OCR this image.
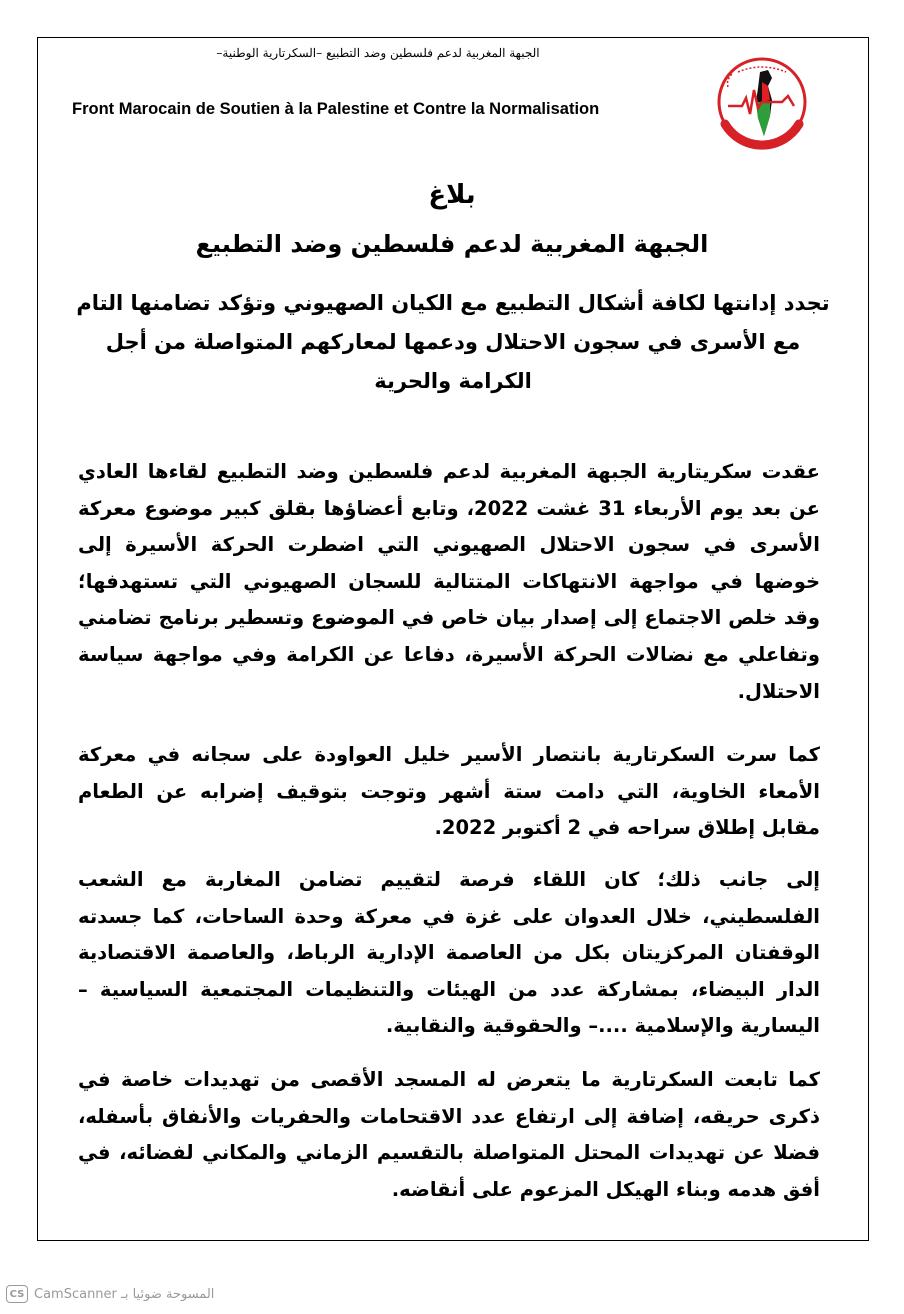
الجبهة المغربية لدعم فلسطين وضد التطبيع –السكرتارية الوطنية–
Front Marocain de Soutien à la Palestine et Contre la Normalisation
بلاغ
الجبهة المغربية لدعم فلسطين وضد التطبيع
تجدد إدانتها لكافة أشكال التطبيع مع الكيان الصهيوني وتؤكد تضامنها التام مع الأسرى في سجون الاحتلال ودعمها لمعاركهم المتواصلة من أجل الكرامة والحرية
عقدت سكريتارية الجبهة المغربية لدعم فلسطين وضد التطبيع لقاءها العادي عن بعد يوم الأربعاء 31 غشت 2022، وتابع أعضاؤها بقلق كبير موضوع معركة الأسرى في سجون الاحتلال الصهيوني التي اضطرت الحركة الأسيرة إلى خوضها في مواجهة الانتهاكات المتتالية للسجان الصهيوني التي تستهدفها؛ وقد خلص الاجتماع إلى إصدار بيان خاص في الموضوع وتسطير برنامج تضامني وتفاعلي مع نضالات الحركة الأسيرة، دفاعا عن الكرامة وفي مواجهة سياسة الاحتلال.
كما سرت السكرتارية بانتصار الأسير خليل العواودة على سجانه في معركة الأمعاء الخاوية، التي دامت ستة أشهر وتوجت بتوقيف إضرابه عن الطعام مقابل إطلاق سراحه في 2 أكتوبر 2022.
إلى جانب ذلك؛ كان اللقاء فرصة لتقييم تضامن المغاربة مع الشعب الفلسطيني، خلال العدوان على غزة في معركة وحدة الساحات، كما جسدته الوقفتان المركزيتان بكل من العاصمة الإدارية الرباط، والعاصمة الاقتصادية الدار البيضاء، بمشاركة عدد من الهيئات والتنظيمات المجتمعية السياسية – اليسارية والإسلامية ....– والحقوقية والنقابية.
كما تابعت السكرتارية ما يتعرض له المسجد الأقصى من تهديدات خاصة في ذكرى حريقه، إضافة إلى ارتفاع عدد الاقتحامات والحفريات والأنفاق بأسفله، فضلا عن تهديدات المحتل المتواصلة بالتقسيم الزماني والمكاني لفضائه، في أفق هدمه وبناء الهيكل المزعوم على أنقاضه.
CS المسوحة ضوئيا بـ CamScanner
